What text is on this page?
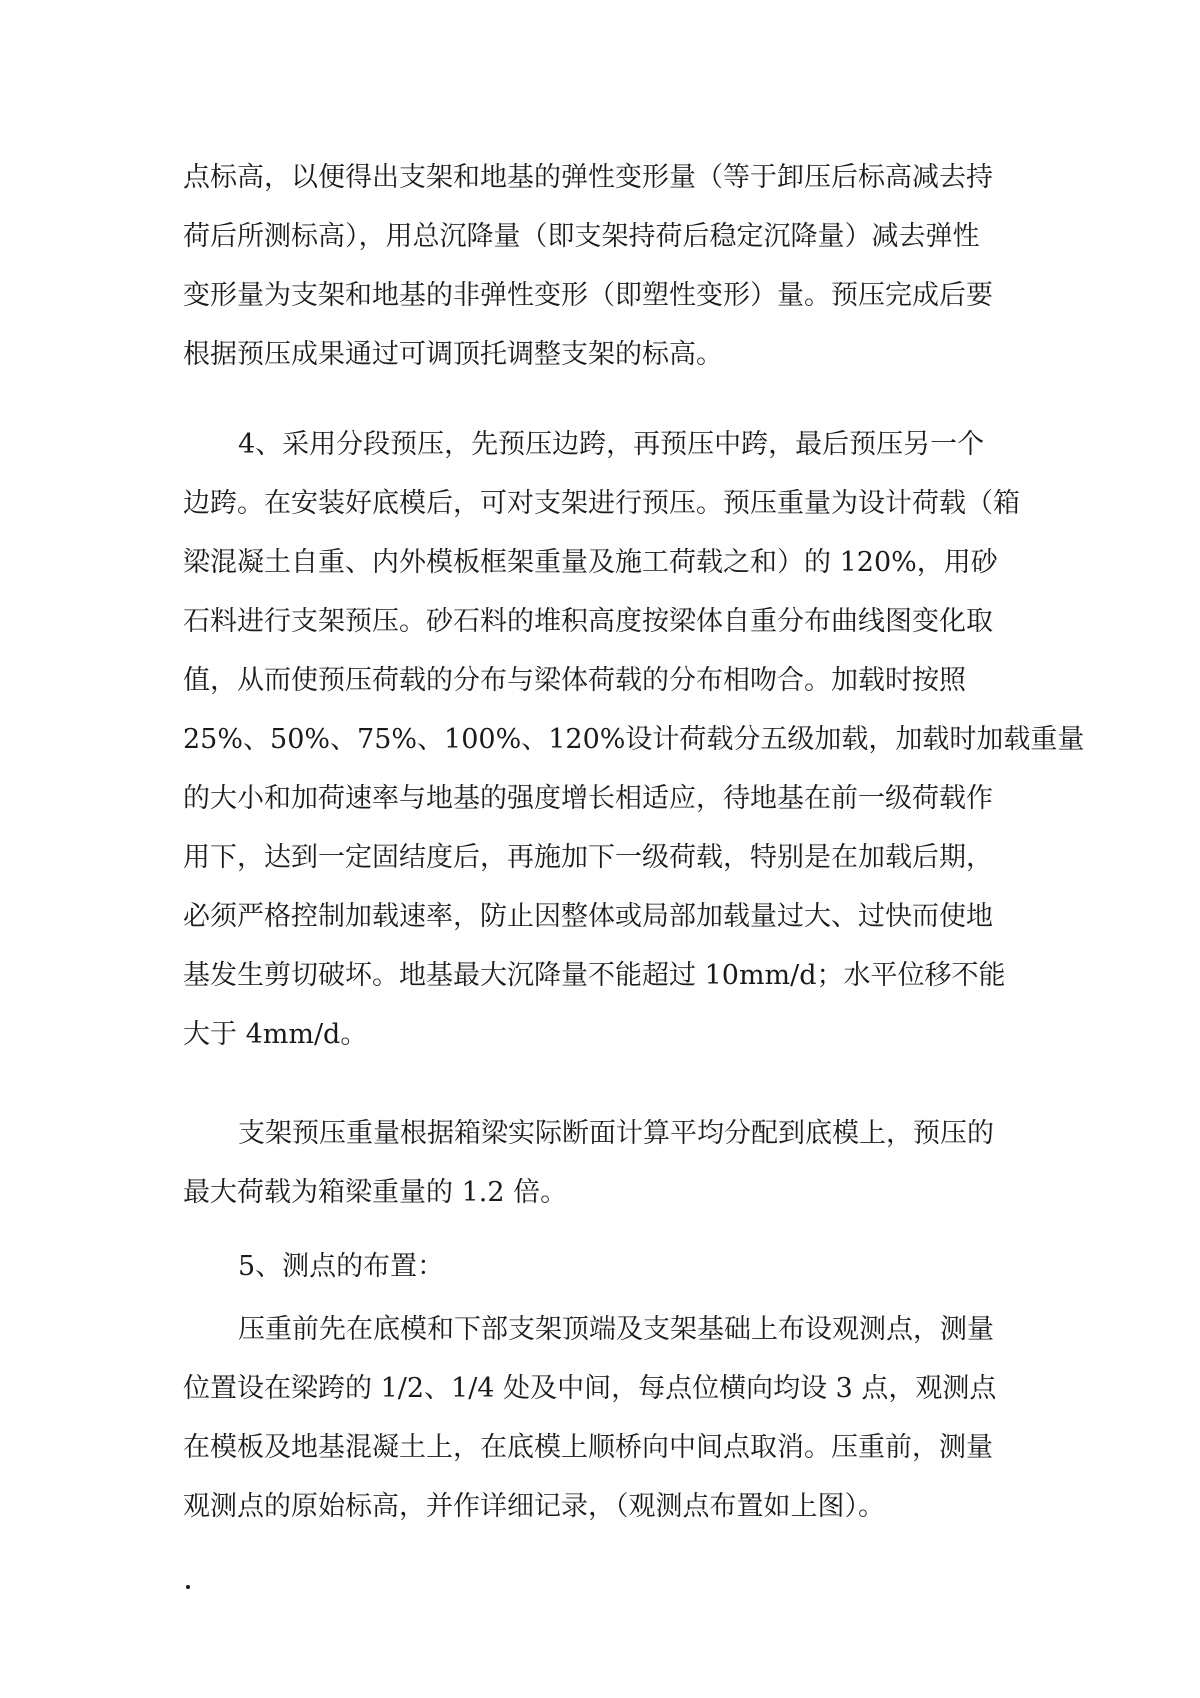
点标高，以便得出支架和地基的弹性变形量（等于卸压后标高减去持
荷后所测标高），用总沉降量（即支架持荷后稳定沉降量）减去弹性
变形量为支架和地基的非弹性变形（即塑性变形）量。预压完成后要
根据预压成果通过可调顶托调整支架的标高。
4、采用分段预压，先预压边跨，再预压中跨，最后预压另一个
边跨。在安装好底模后，可对支架进行预压。预压重量为设计荷载（箱
梁混凝土自重、内外模板框架重量及施工荷载之和）的 120%，用砂
石料进行支架预压。砂石料的堆积高度按梁体自重分布曲线图变化取
值，从而使预压荷载的分布与梁体荷载的分布相吻合。加载时按照
25%、50%、75%、100%、120%设计荷载分五级加载，加载时加载重量
的大小和加荷速率与地基的强度增长相适应，待地基在前一级荷载作
用下，达到一定固结度后，再施加下一级荷载，特别是在加载后期，
必须严格控制加载速率，防止因整体或局部加载量过大、过快而使地
基发生剪切破坏。地基最大沉降量不能超过 10mm/d；水平位移不能
大于 4mm/d。
支架预压重量根据箱梁实际断面计算平均分配到底模上，预压的
最大荷载为箱梁重量的 1.2 倍。
5、测点的布置：
压重前先在底模和下部支架顶端及支架基础上布设观测点，测量
位置设在梁跨的 1/2、1/4 处及中间，每点位横向均设 3 点，观测点
在模板及地基混凝土上，在底模上顺桥向中间点取消。压重前，测量
观测点的原始标高，并作详细记录，（观测点布置如上图）。
